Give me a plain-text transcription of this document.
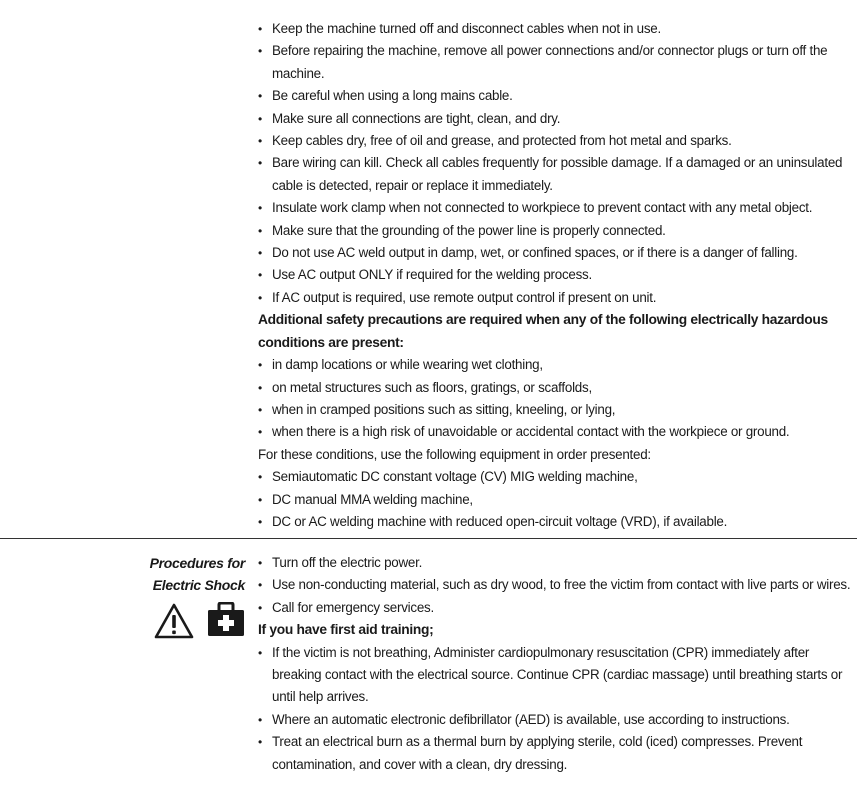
• Keep the machine turned off and disconnect cables when not in use.
• Before repairing the machine, remove all power connections and/or connector plugs or turn off the machine.
• Be careful when using a long mains cable.
• Make sure all connections are tight, clean, and dry.
• Keep cables dry, free of oil and grease, and protected from hot metal and sparks.
• Bare wiring can kill. Check all cables frequently for possible damage. If a damaged or an uninsulated cable is detected, repair or replace it immediately.
• Insulate work clamp when not connected to workpiece to prevent contact with any metal object.
• Make sure that the grounding of the power line is properly connected.
• Do not use AC weld output in damp, wet, or confined spaces, or if there is a danger of falling.
• Use AC output ONLY if required for the welding process.
• If AC output is required, use remote output control if present on unit.
Additional safety precautions are required when any of the following electrically hazardous conditions are present:
• in damp locations or while wearing wet clothing,
• on metal structures such as floors, gratings, or scaffolds,
• when in cramped positions such as sitting, kneeling, or lying,
• when there is a high risk of unavoidable or accidental contact with the workpiece or ground.
For these conditions, use the following equipment in order presented:
• Semiautomatic DC constant voltage (CV) MIG welding machine,
• DC manual MMA welding machine,
• DC or AC welding machine with reduced open-circuit voltage (VRD), if available.
Procedures for
Electric Shock
• Turn off the electric power.
• Use non-conducting material, such as dry wood, to free the victim from contact with live parts or wires.
• Call for emergency services.
If you have first aid training;
• If the victim is not breathing, Administer cardiopulmonary resuscitation (CPR) immediately after breaking contact with the electrical source. Continue CPR (cardiac massage) until breathing starts or until help arrives.
• Where an automatic electronic defibrillator (AED) is available, use according to instructions.
• Treat an electrical burn as a thermal burn by applying sterile, cold (iced) compresses. Prevent contamination, and cover with a clean, dry dressing.
